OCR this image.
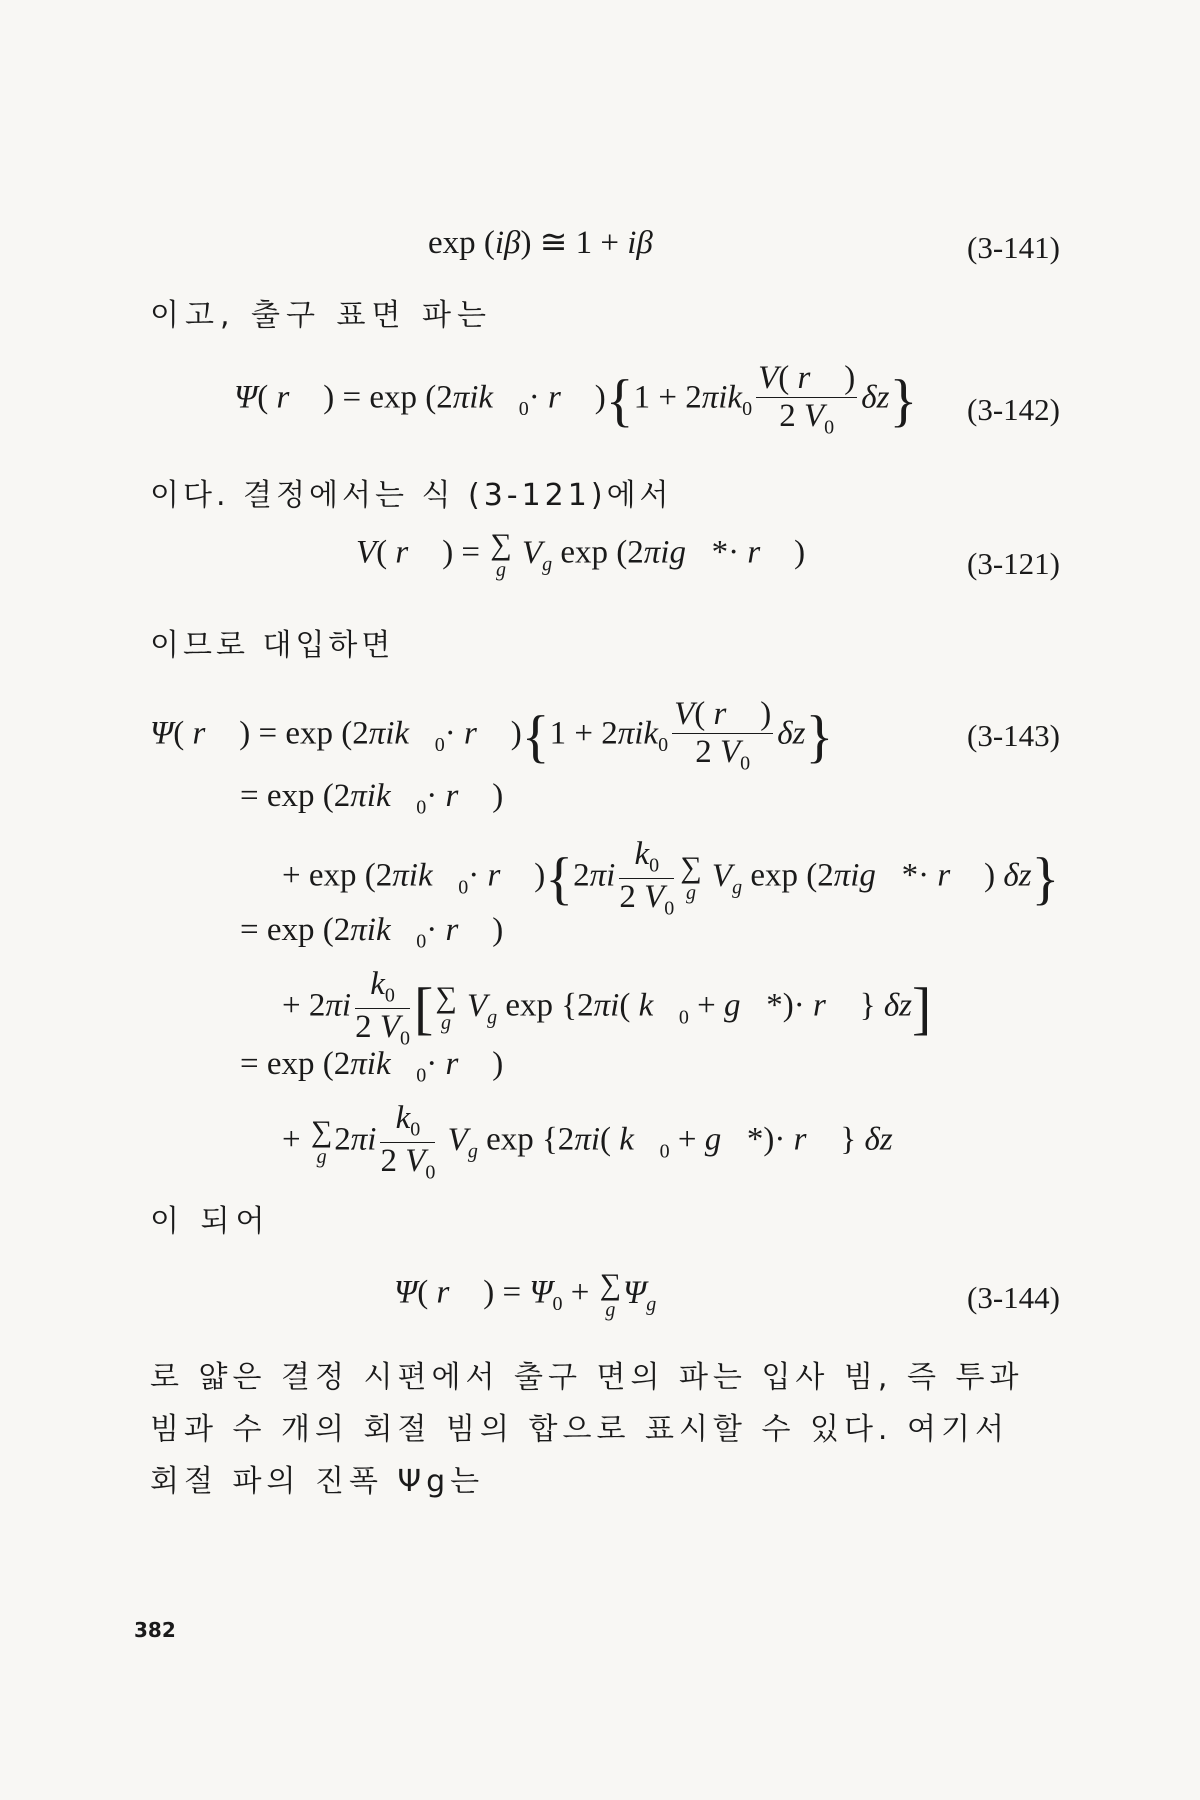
exp (iβ) ≅ 1 + iβ	(3-141)
이고, 출구 표면 파는
Ψ( r⃗ ) = $\exp (2\pi ik⃗_0\cdot$ r⃗ )$\{1 + 2\pi ik_0 \frac{V( r⃗ )}{2 V_0} \delta z\}$ (3-142)
이다. 결정에서는 식 (3-121)에서
V( r⃗ ) = ∑
g $V_g$ exp (2πig⃗*· r⃗ )	(3-121)
이므로 대입하면
Ψ( r⃗ ) = $\exp (2\pi ik⃗_0\cdot$ r⃗ )$\{1 + 2\pi ik_0 \frac{V( r⃗ )}{2 V_0} \delta z\}$	(3-143)
= $\exp (2\pi ik⃗_0\cdot$ r⃗ )
+ $\exp (2\pi ik⃗_0\cdot$ r⃗ ){$2\pi i \frac{k_0}{2 V_0}$ ∑
g $V_g$ exp (2πig⃗*· r⃗ ) δz}
= $\exp (2\pi ik⃗_0\cdot$ r⃗ )
+ $2\pi i \frac{k_0}{2 V_0}$ [ ∑
g $V_g$ exp {2πi( $k⃗_0$ + g⃗*)· r⃗ } δz]
= $\exp (2\pi ik⃗_0\cdot$ r⃗ )
+ ∑
g $2\pi i \frac{k_0}{2 V_0} V_g$ exp {2πi( $k⃗_0$ + g⃗*)· r⃗ } δz
이 되어
Ψ( r⃗ ) = $\Psi_0$ + ∑
g $\Psi_g$	(3-144)
로 얇은 결정 시편에서 출구 면의 파는 입사 빔, 즉 투과 빔과 수 개의 회절 빔의 합으로 표시할 수 있다. 여기서 회절 파의 진폭 Ψg는
382
